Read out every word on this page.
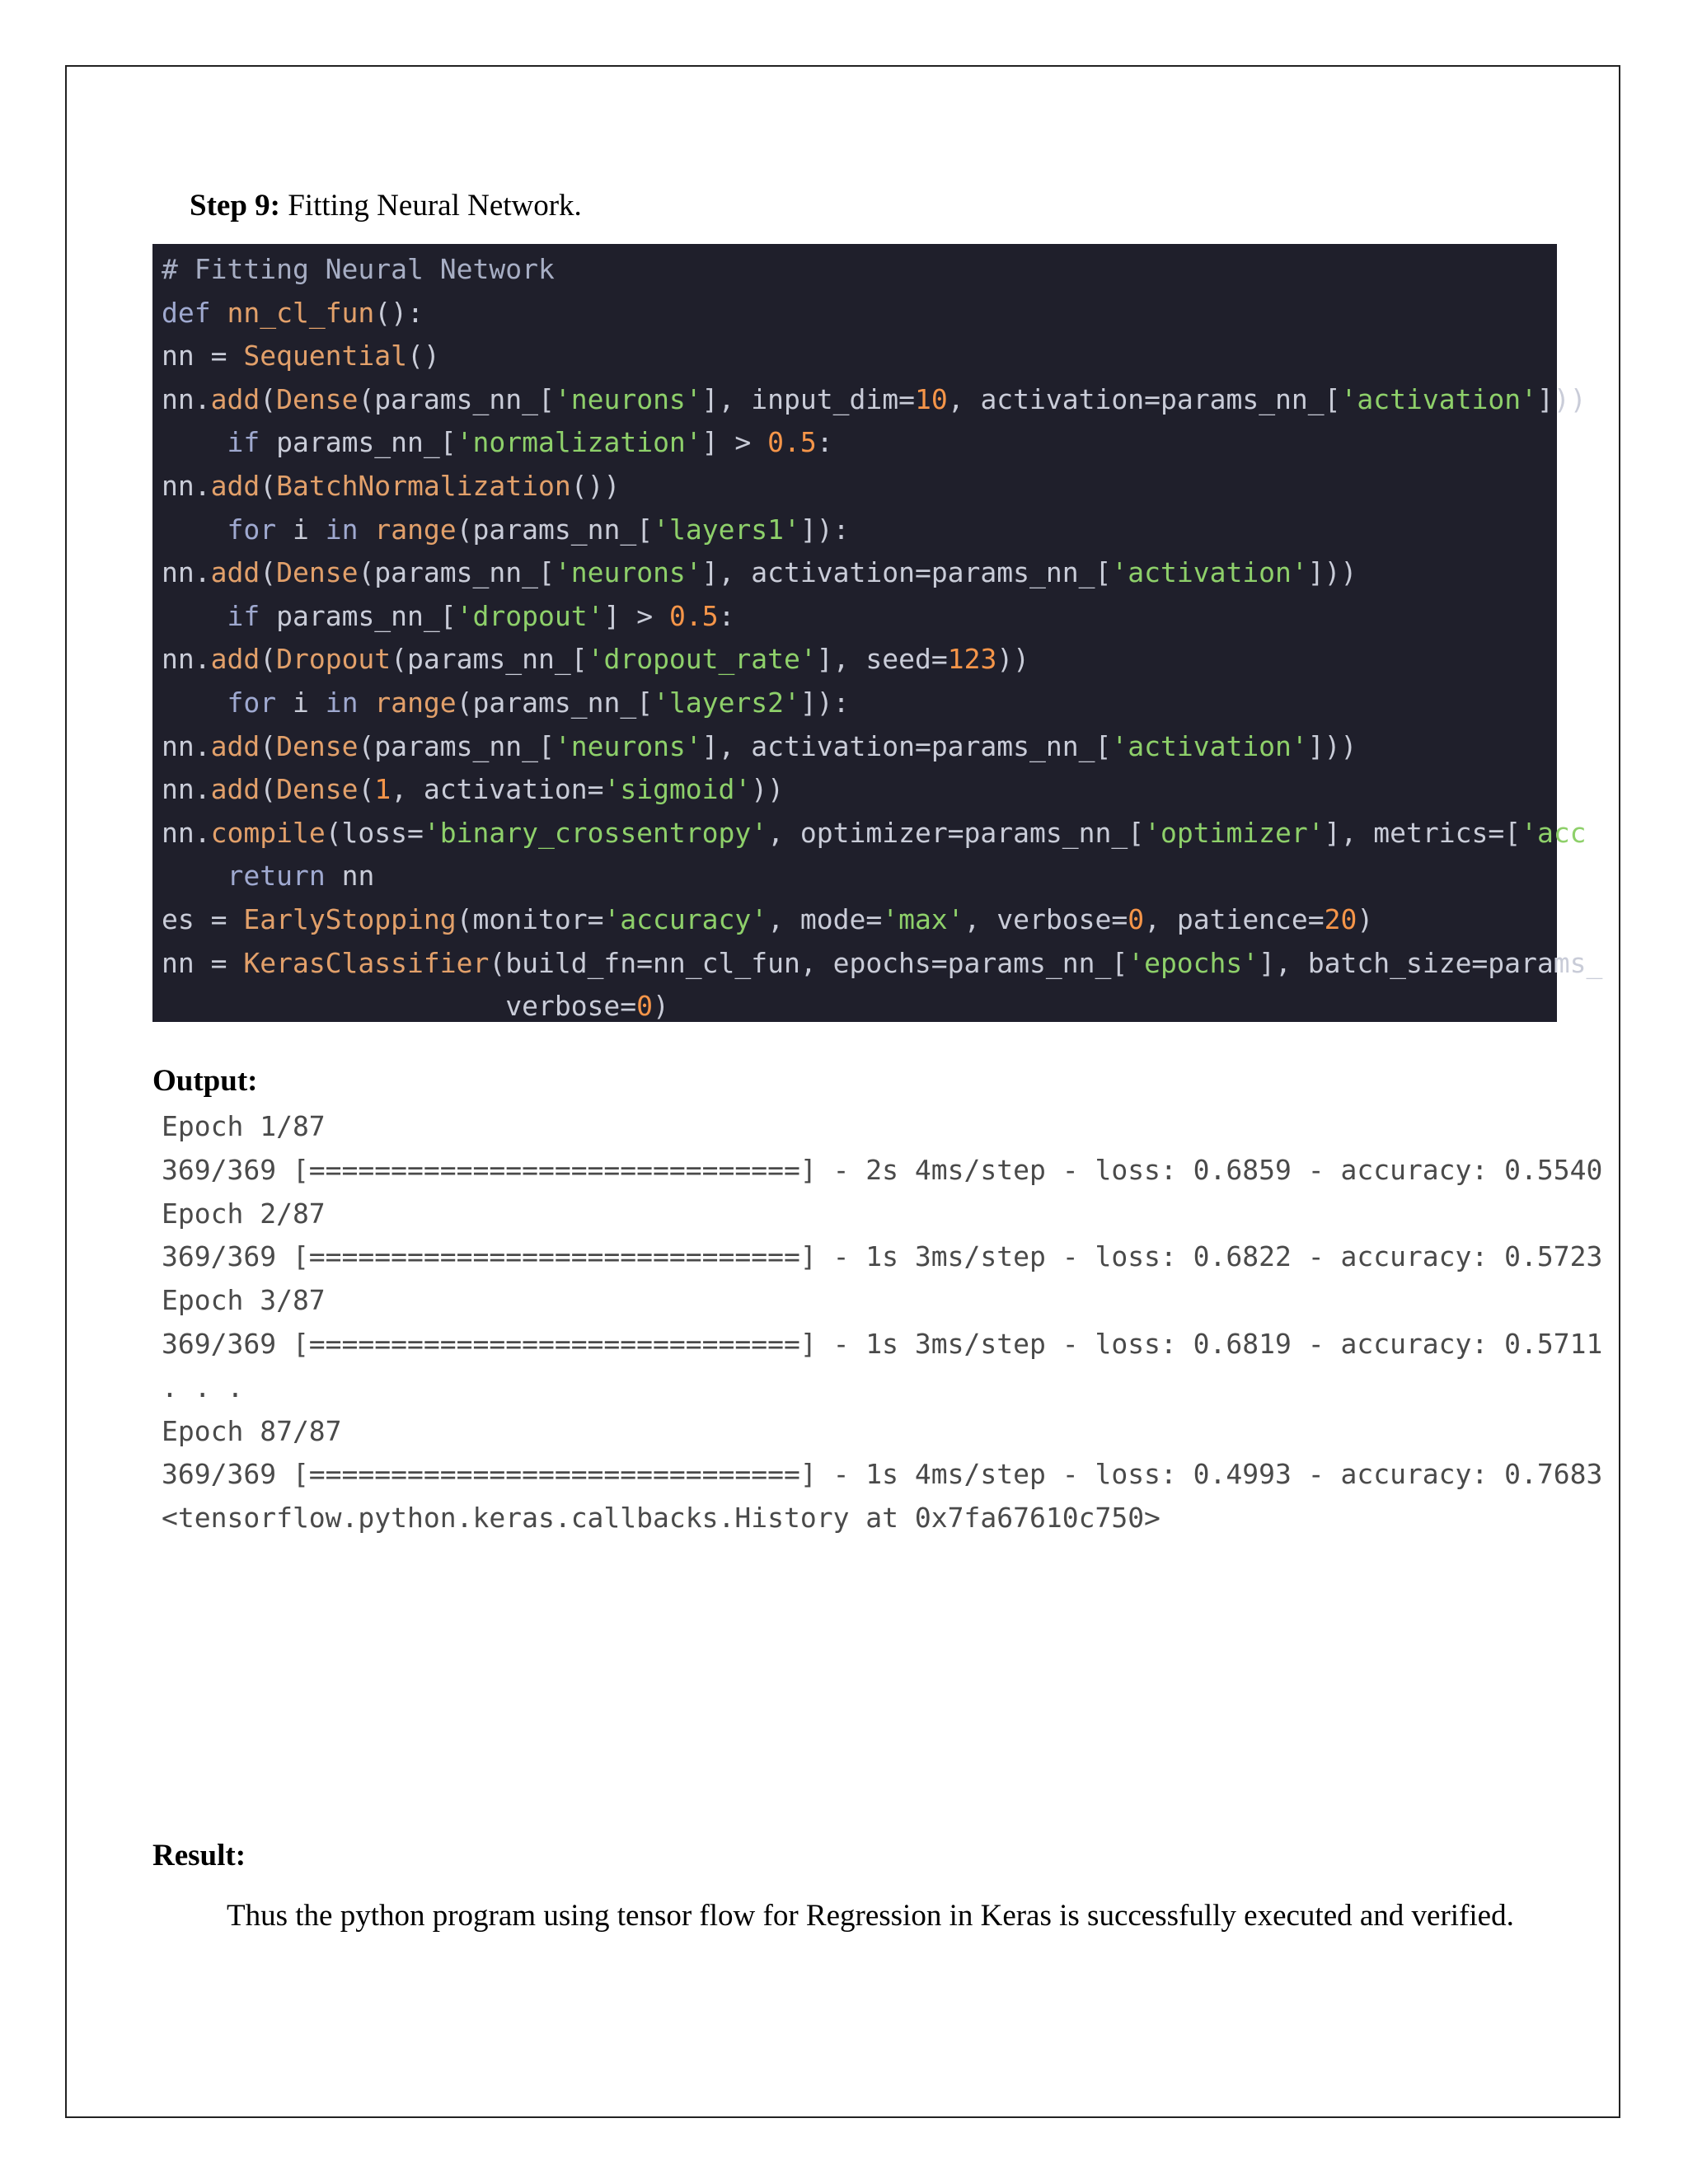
Step 9: Fitting Neural Network.
# Fitting Neural Network
def nn_cl_fun():
nn = Sequential()
nn.add(Dense(params_nn_['neurons'], input_dim=10, activation=params_nn_['activation']))
if params_nn_['normalization'] > 0.5:
nn.add(BatchNormalization())
for i in range(params_nn_['layers1']):
nn.add(Dense(params_nn_['neurons'], activation=params_nn_['activation']))
if params_nn_['dropout'] > 0.5:
nn.add(Dropout(params_nn_['dropout_rate'], seed=123))
for i in range(params_nn_['layers2']):
nn.add(Dense(params_nn_['neurons'], activation=params_nn_['activation']))
nn.add(Dense(1, activation='sigmoid'))
nn.compile(loss='binary_crossentropy', optimizer=params_nn_['optimizer'], metrics=['acc
return nn
es = EarlyStopping(monitor='accuracy', mode='max', verbose=0, patience=20)
nn = KerasClassifier(build_fn=nn_cl_fun, epochs=params_nn_['epochs'], batch_size=params_
verbose=0)
Output:
Epoch 1/87
369/369 [==============================] - 2s 4ms/step - loss: 0.6859 - accuracy: 0.5540
Epoch 2/87
369/369 [==============================] - 1s 3ms/step - loss: 0.6822 - accuracy: 0.5723
Epoch 3/87
369/369 [==============================] - 1s 3ms/step - loss: 0.6819 - accuracy: 0.5711
. . .
Epoch 87/87
369/369 [==============================] - 1s 4ms/step - loss: 0.4993 - accuracy: 0.7683
<tensorflow.python.keras.callbacks.History at 0x7fa67610c750>
Result:
Thus the python program using tensor flow for Regression in Keras is successfully executed and verified.
